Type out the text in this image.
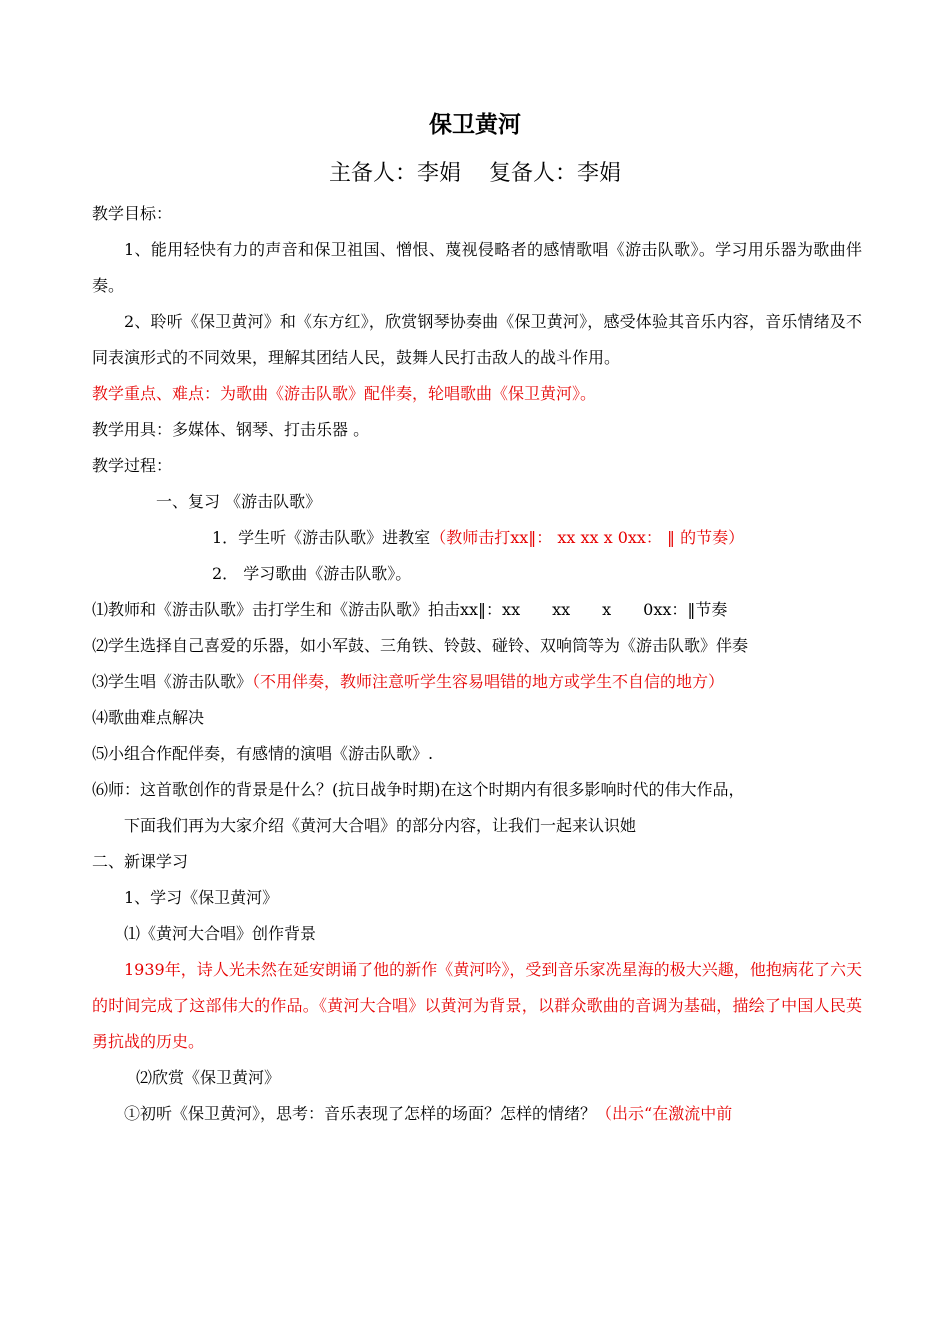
保卫黄河
主备人：李娟 复备人：李娟

教学目标：

1、能用轻快有力的声音和保卫祖国、憎恨、蔑视侵略者的感情歌唱《游击队歌》。学习用乐器为歌曲伴奏。

2、聆听《保卫黄河》和《东方红》，欣赏钢琴协奏曲《保卫黄河》，感受体验其音乐内容，音乐情绪及不同表演形式的不同效果，理解其团结人民，鼓舞人民打击敌人的战斗作用。

教学重点、难点：为歌曲《游击队歌》配伴奏，轮唱歌曲《保卫黄河》。

教学用具：多媒体、钢琴、打击乐器 。

教学过程：

一、复习 《游击队歌》

1．学生听《游击队歌》进教室（教师击打xx‖： xx xx x 0xx： ‖ 的节奏）

2． 学习歌曲《游击队歌》。

⑴教师和《游击队歌》击打学生和《游击队歌》拍击xx‖：xx　　xx　　x　　0xx：‖节奏

⑵学生选择自己喜爱的乐器，如小军鼓、三角铁、铃鼓、碰铃、双响筒等为《游击队歌》伴奏

⑶学生唱《游击队歌》（不用伴奏，教师注意听学生容易唱错的地方或学生不自信的地方）

⑷歌曲难点解决

⑸小组合作配伴奏，有感情的演唱《游击队歌》.

⑹师：这首歌创作的背景是什么？(抗日战争时期)在这个时期内有很多影响时代的伟大作品，

下面我们再为大家介绍《黄河大合唱》的部分内容，让我们一起来认识她

二、新课学习

1、学习《保卫黄河》

⑴《黄河大合唱》创作背景

1939年，诗人光未然在延安朗诵了他的新作《黄河吟》，受到音乐家冼星海的极大兴趣，他抱病花了六天的时间完成了这部伟大的作品。《黄河大合唱》以黄河为背景，以群众歌曲的音调为基础，描绘了中国人民英勇抗战的历史。

⑵欣赏《保卫黄河》

①初听《保卫黄河》，思考：音乐表现了怎样的场面？怎样的情绪？（出示“在激流中前
